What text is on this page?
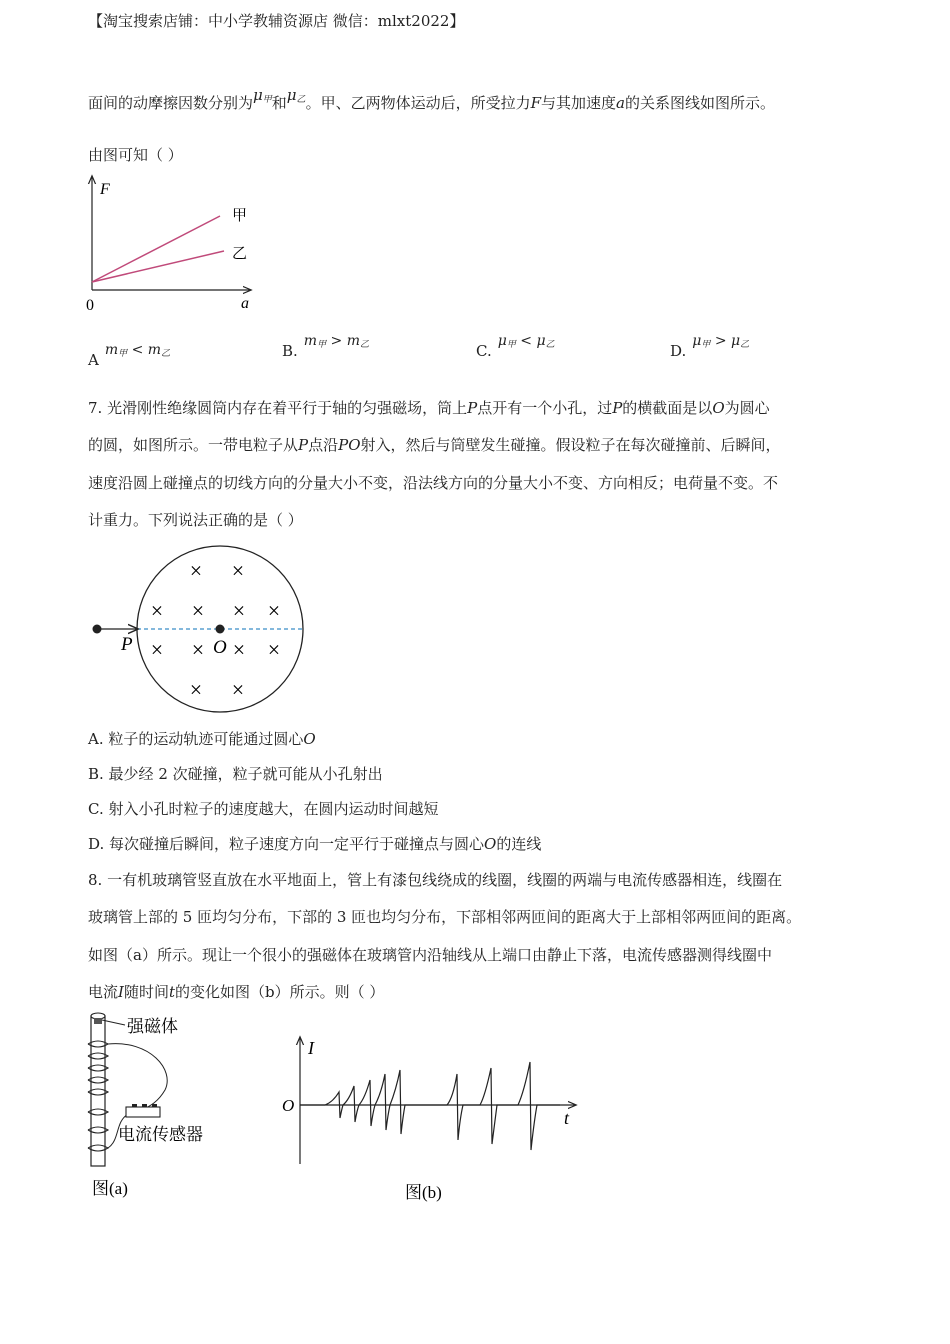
【淘宝搜索店铺：中小学教辅资源店 微信：mlxt2022】
面间的动摩擦因数分别为$\mu_甲$和$\mu_乙$。甲、乙两物体运动后，所受拉力F与其加速度a的关系图线如图所示。
由图可知（ ）
F
a
0
甲
乙
$Am_甲 < m_乙$	$B.m_甲 > m_乙$	$C.\mu_甲 < \mu_乙$	$D.\mu_甲 > \mu_乙$
7. 光滑刚性绝缘圆筒内存在着平行于轴的匀强磁场，筒上P点开有一个小孔，过P的横截面是以O为圆心
的圆，如图所示。一带电粒子从P点沿PO射入，然后与筒壁发生碰撞。假设粒子在每次碰撞前、后瞬间，
速度沿圆上碰撞点的切线方向的分量大小不变，沿法线方向的分量大小不变、方向相反；电荷量不变。不
计重力。下列说法正确的是（ ）
P	O
× ×
× × × ×
× × × ×
× ×
A. 粒子的运动轨迹可能通过圆心O
B. 最少经 2 次碰撞，粒子就可能从小孔射出
C. 射入小孔时粒子的速度越大，在圆内运动时间越短
D. 每次碰撞后瞬间，粒子速度方向一定平行于碰撞点与圆心O的连线
8. 一有机玻璃管竖直放在水平地面上，管上有漆包线绕成的线圈，线圈的两端与电流传感器相连，线圈在
玻璃管上部的 5 匝均匀分布，下部的 3 匝也均匀分布，下部相邻两匝间的距离大于上部相邻两匝间的距离。
如图（a）所示。现让一个很小的强磁体在玻璃管内沿轴线从上端口由静止下落，电流传感器测得线圈中
电流I随时间t的变化如图（b）所示。则（ ）
强磁体
电流传感器
图(a)
I
t
O
图(b)
